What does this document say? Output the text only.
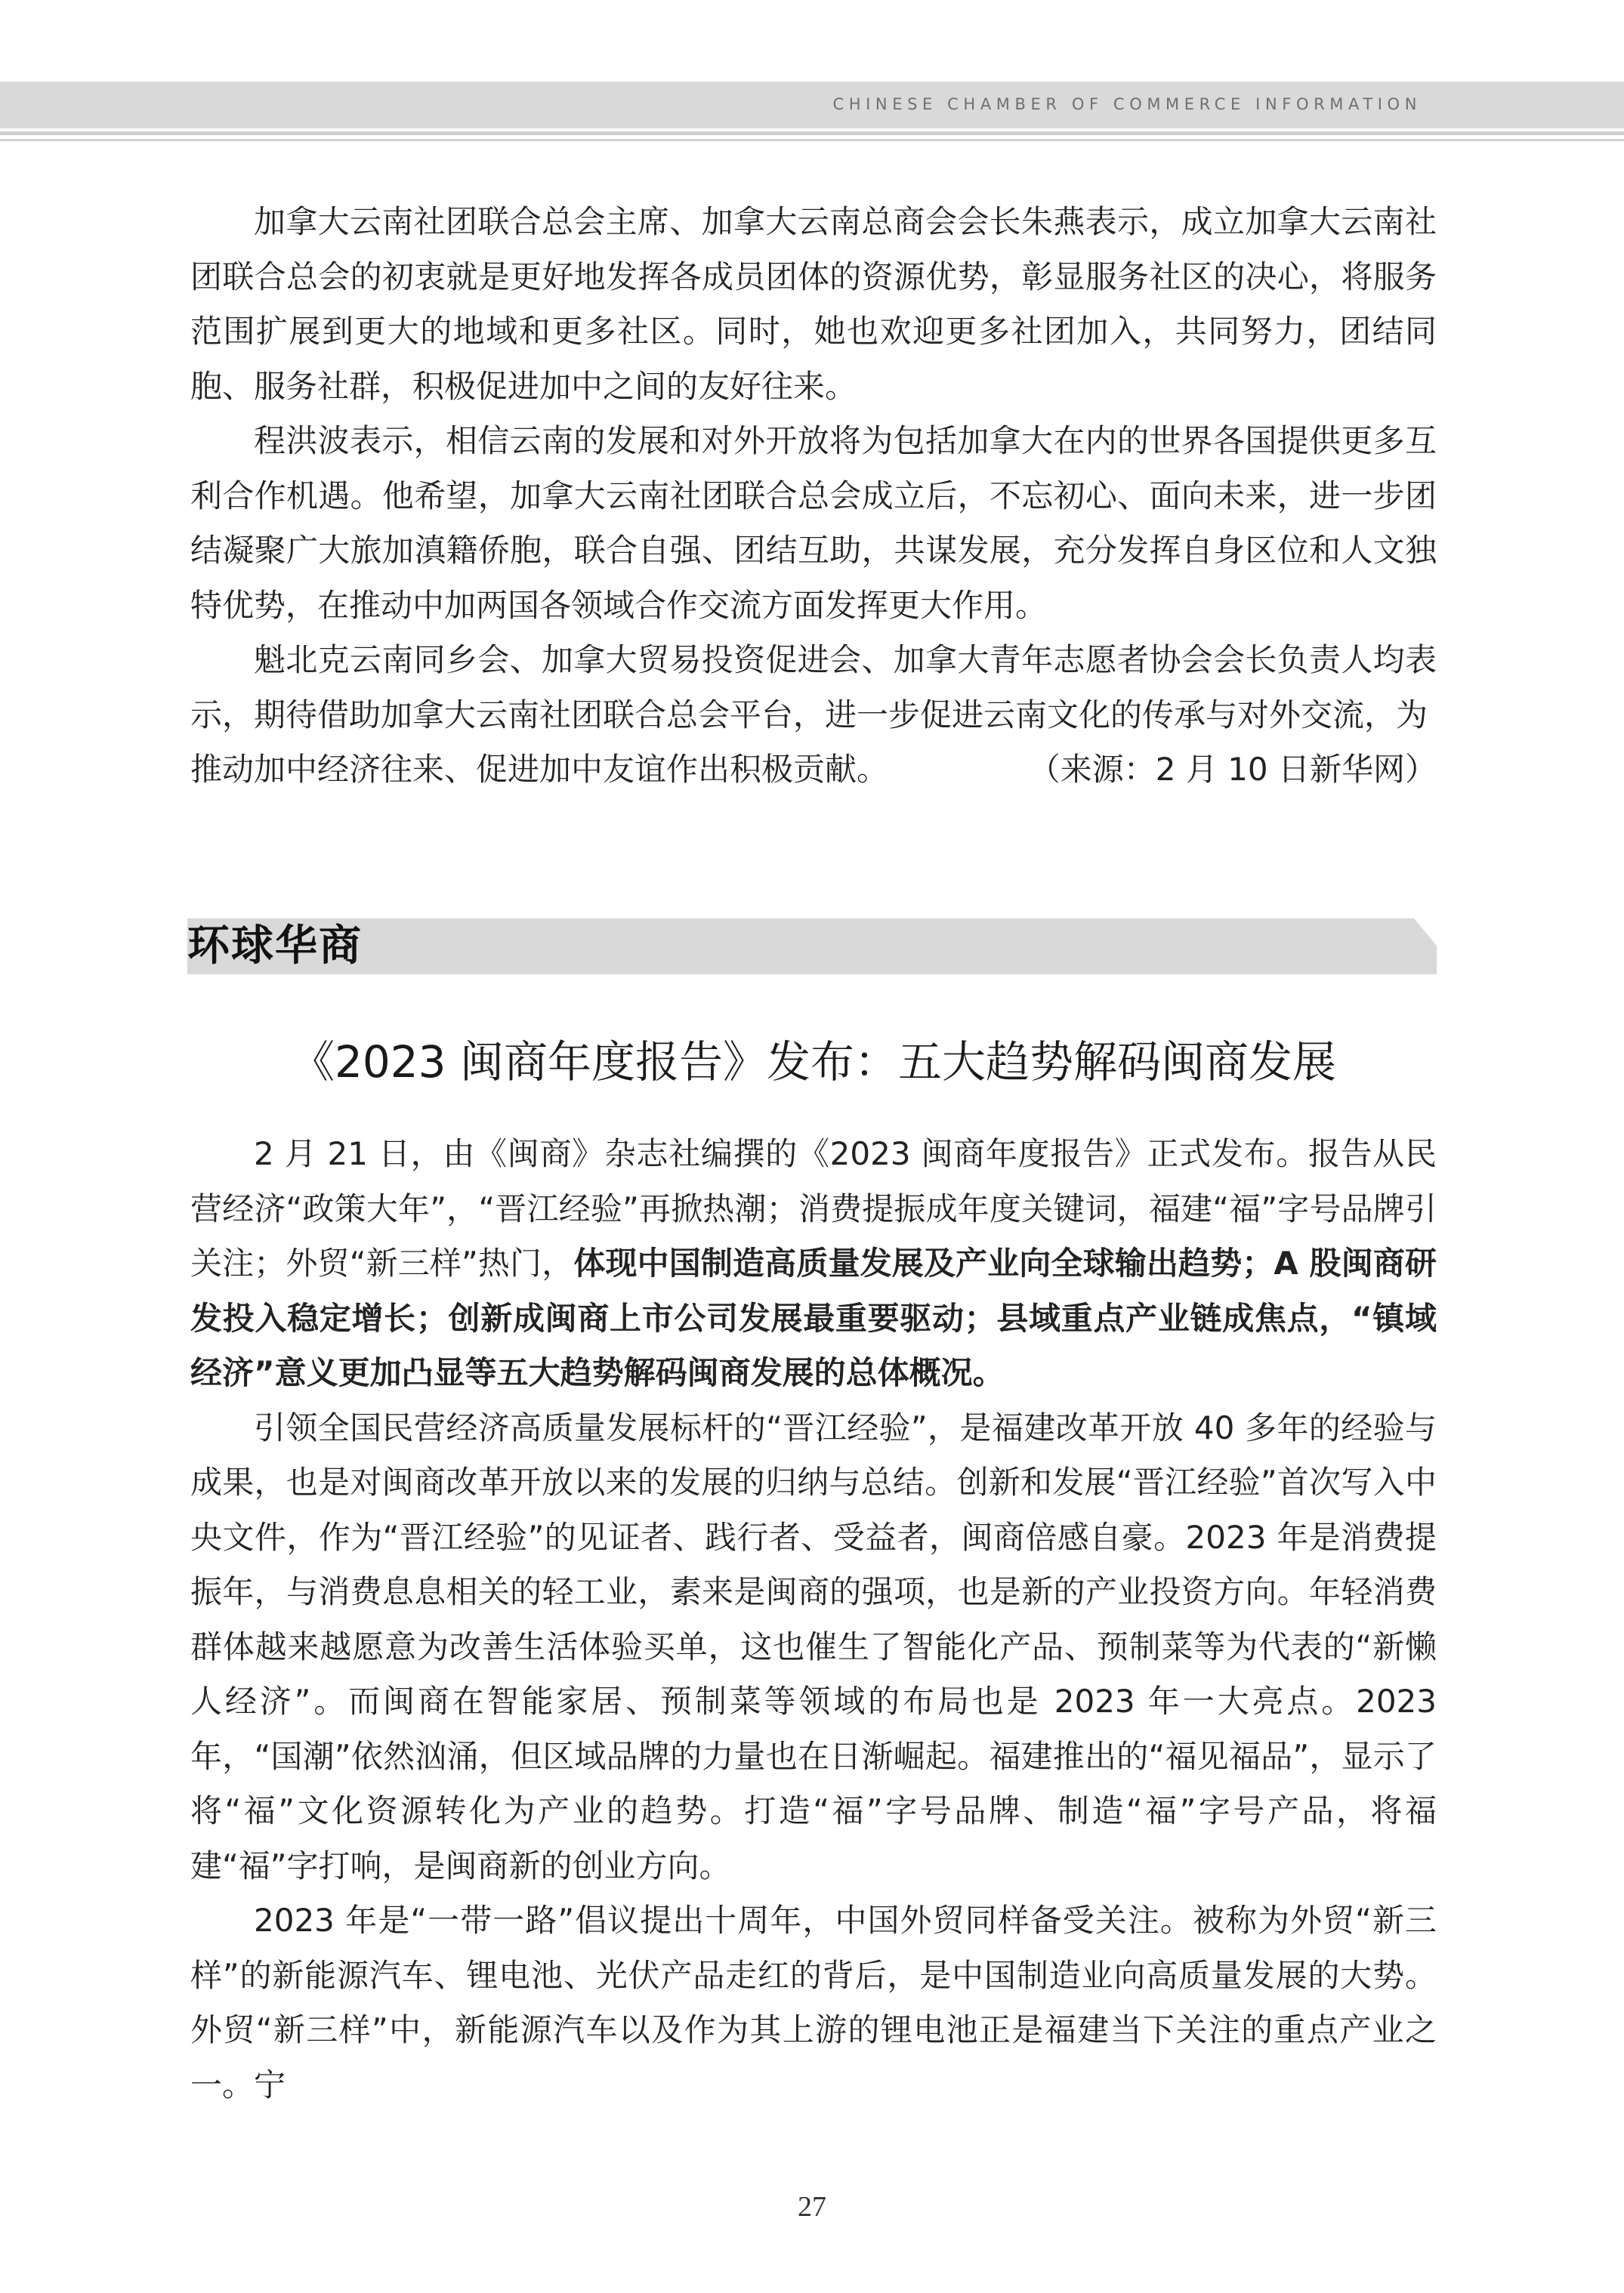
CHINESE CHAMBER OF COMMERCE INFORMATION

加拿大云南社团联合总会主席、加拿大云南总商会会长朱燕表示，成立加拿大云南社团联合总会的初衷就是更好地发挥各成员团体的资源优势，彰显服务社区的决心，将服务范围扩展到更大的地域和更多社区。同时，她也欢迎更多社团加入，共同努力，团结同胞、服务社群，积极促进加中之间的友好往来。

程洪波表示，相信云南的发展和对外开放将为包括加拿大在内的世界各国提供更多互利合作机遇。他希望，加拿大云南社团联合总会成立后，不忘初心、面向未来，进一步团结凝聚广大旅加滇籍侨胞，联合自强、团结互助，共谋发展，充分发挥自身区位和人文独特优势，在推动中加两国各领域合作交流方面发挥更大作用。

魁北克云南同乡会、加拿大贸易投资促进会、加拿大青年志愿者协会会长负责人均表示，期待借助加拿大云南社团联合总会平台，进一步促进云南文化的传承与对外交流，为

推动加中经济往来、促进加中友谊作出积极贡献。	（来源：2 月 10 日新华网）
环球华商
《2023 闽商年度报告》发布：五大趋势解码闽商发展

2 月 21 日，由《闽商》杂志社编撰的《2023 闽商年度报告》正式发布。报告从民营经济“政策大年”，“晋江经验”再掀热潮；消费提振成年度关键词，福建“福”字号品牌引关注；外贸“新三样”热门，体现中国制造高质量发展及产业向全球输出趋势；A 股闽商研发投入稳定增长；创新成闽商上市公司发展最重要驱动；县域重点产业链成焦点，“镇域经济”意义更加凸显等五大趋势解码闽商发展的总体概况。

引领全国民营经济高质量发展标杆的“晋江经验”，是福建改革开放 40 多年的经验与成果，也是对闽商改革开放以来的发展的归纳与总结。创新和发展“晋江经验”首次写入中央文件，作为“晋江经验”的见证者、践行者、受益者，闽商倍感自豪。2023 年是消费提振年，与消费息息相关的轻工业，素来是闽商的强项，也是新的产业投资方向。年轻消费群体越来越愿意为改善生活体验买单，这也催生了智能化产品、预制菜等为代表的“新懒人经济”。而闽商在智能家居、预制菜等领域的布局也是 2023 年一大亮点。2023 年，“国潮”依然汹涌，但区域品牌的力量也在日渐崛起。福建推出的“福见福品”，显示了将“福”文化资源转化为产业的趋势。打造“福”字号品牌、制造“福”字号产品，将福建“福”字打响，是闽商新的创业方向。

2023 年是“一带一路”倡议提出十周年，中国外贸同样备受关注。被称为外贸“新三样”的新能源汽车、锂电池、光伏产品走红的背后，是中国制造业向高质量发展的大势。外贸“新三样”中，新能源汽车以及作为其上游的锂电池正是福建当下关注的重点产业之一。宁

27
